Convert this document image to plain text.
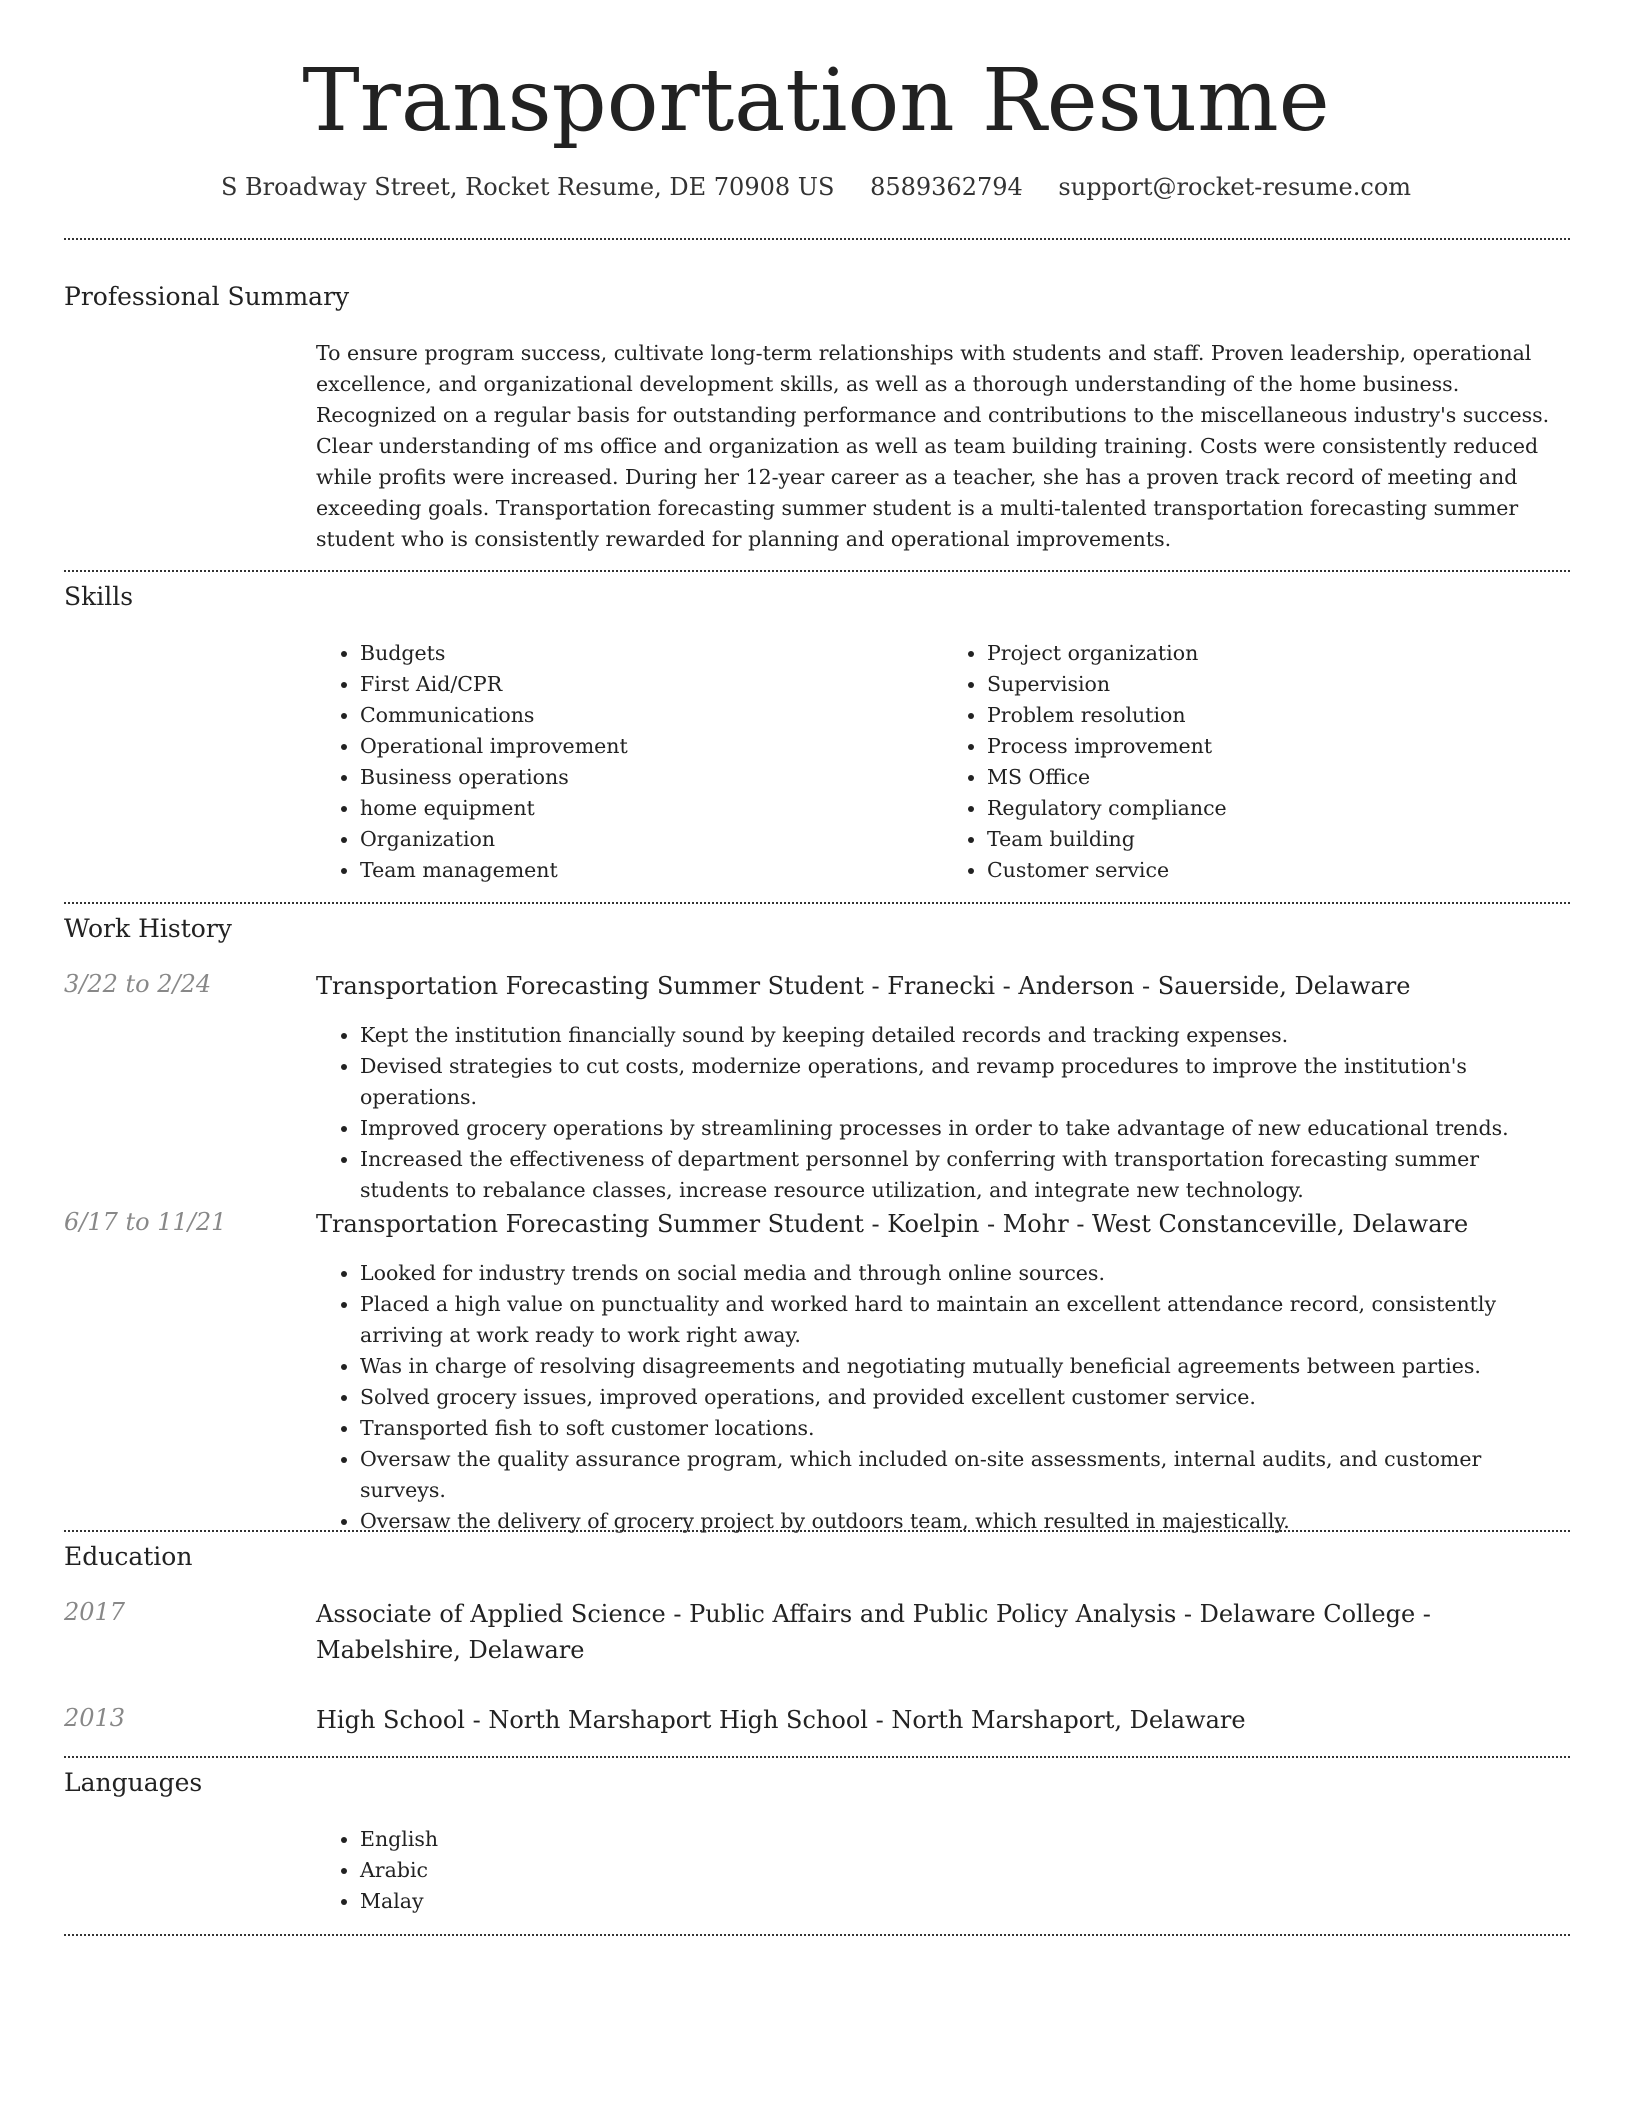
Transportation Resume
S Broadway Street, Rocket Resume, DE 70908 US 8589362794 support@rocket-resume.com
Professional Summary

To ensure program success, cultivate long-term relationships with students and staff. Proven leadership, operational excellence, and organizational development skills, as well as a thorough understanding of the home business. Recognized on a regular basis for outstanding performance and contributions to the miscellaneous industry's success. Clear understanding of ms office and organization as well as team building training. Costs were consistently reduced while profits were increased. During her 12-year career as a teacher, she has a proven track record of meeting and exceeding goals. Transportation forecasting summer student is a multi-talented transportation forecasting summer student who is consistently rewarded for planning and operational improvements.

Skills
• Budgets
• First Aid/CPR
• Communications
• Operational improvement
• Business operations
• home equipment
• Organization
• Team management
• Project organization
• Supervision
• Problem resolution
• Process improvement
• MS Office
• Regulatory compliance
• Team building
• Customer service
Work History
3/22 to 2/24	Transportation Forecasting Summer Student - Franecki - Anderson - Sauerside, Delaware
• Kept the institution financially sound by keeping detailed records and tracking expenses.
• Devised strategies to cut costs, modernize operations, and revamp procedures to improve the institution's operations.
• Improved grocery operations by streamlining processes in order to take advantage of new educational trends.
• Increased the effectiveness of department personnel by conferring with transportation forecasting summer students to rebalance classes, increase resource utilization, and integrate new technology.
6/17 to 11/21	Transportation Forecasting Summer Student - Koelpin - Mohr - West Constanceville, Delaware
• Looked for industry trends on social media and through online sources.
• Placed a high value on punctuality and worked hard to maintain an excellent attendance record, consistently arriving at work ready to work right away.
• Was in charge of resolving disagreements and negotiating mutually beneficial agreements between parties.
• Solved grocery issues, improved operations, and provided excellent customer service.
• Transported fish to soft customer locations.
• Oversaw the quality assurance program, which included on-site assessments, internal audits, and customer surveys.
• Oversaw the delivery of grocery project by outdoors team, which resulted in majestically.
Education
2017	Associate of Applied Science - Public Affairs and Public Policy Analysis - Delaware College - Mabelshire, Delaware
2013	High School - North Marshaport High School - North Marshaport, Delaware
Languages
• English
• Arabic
• Malay
